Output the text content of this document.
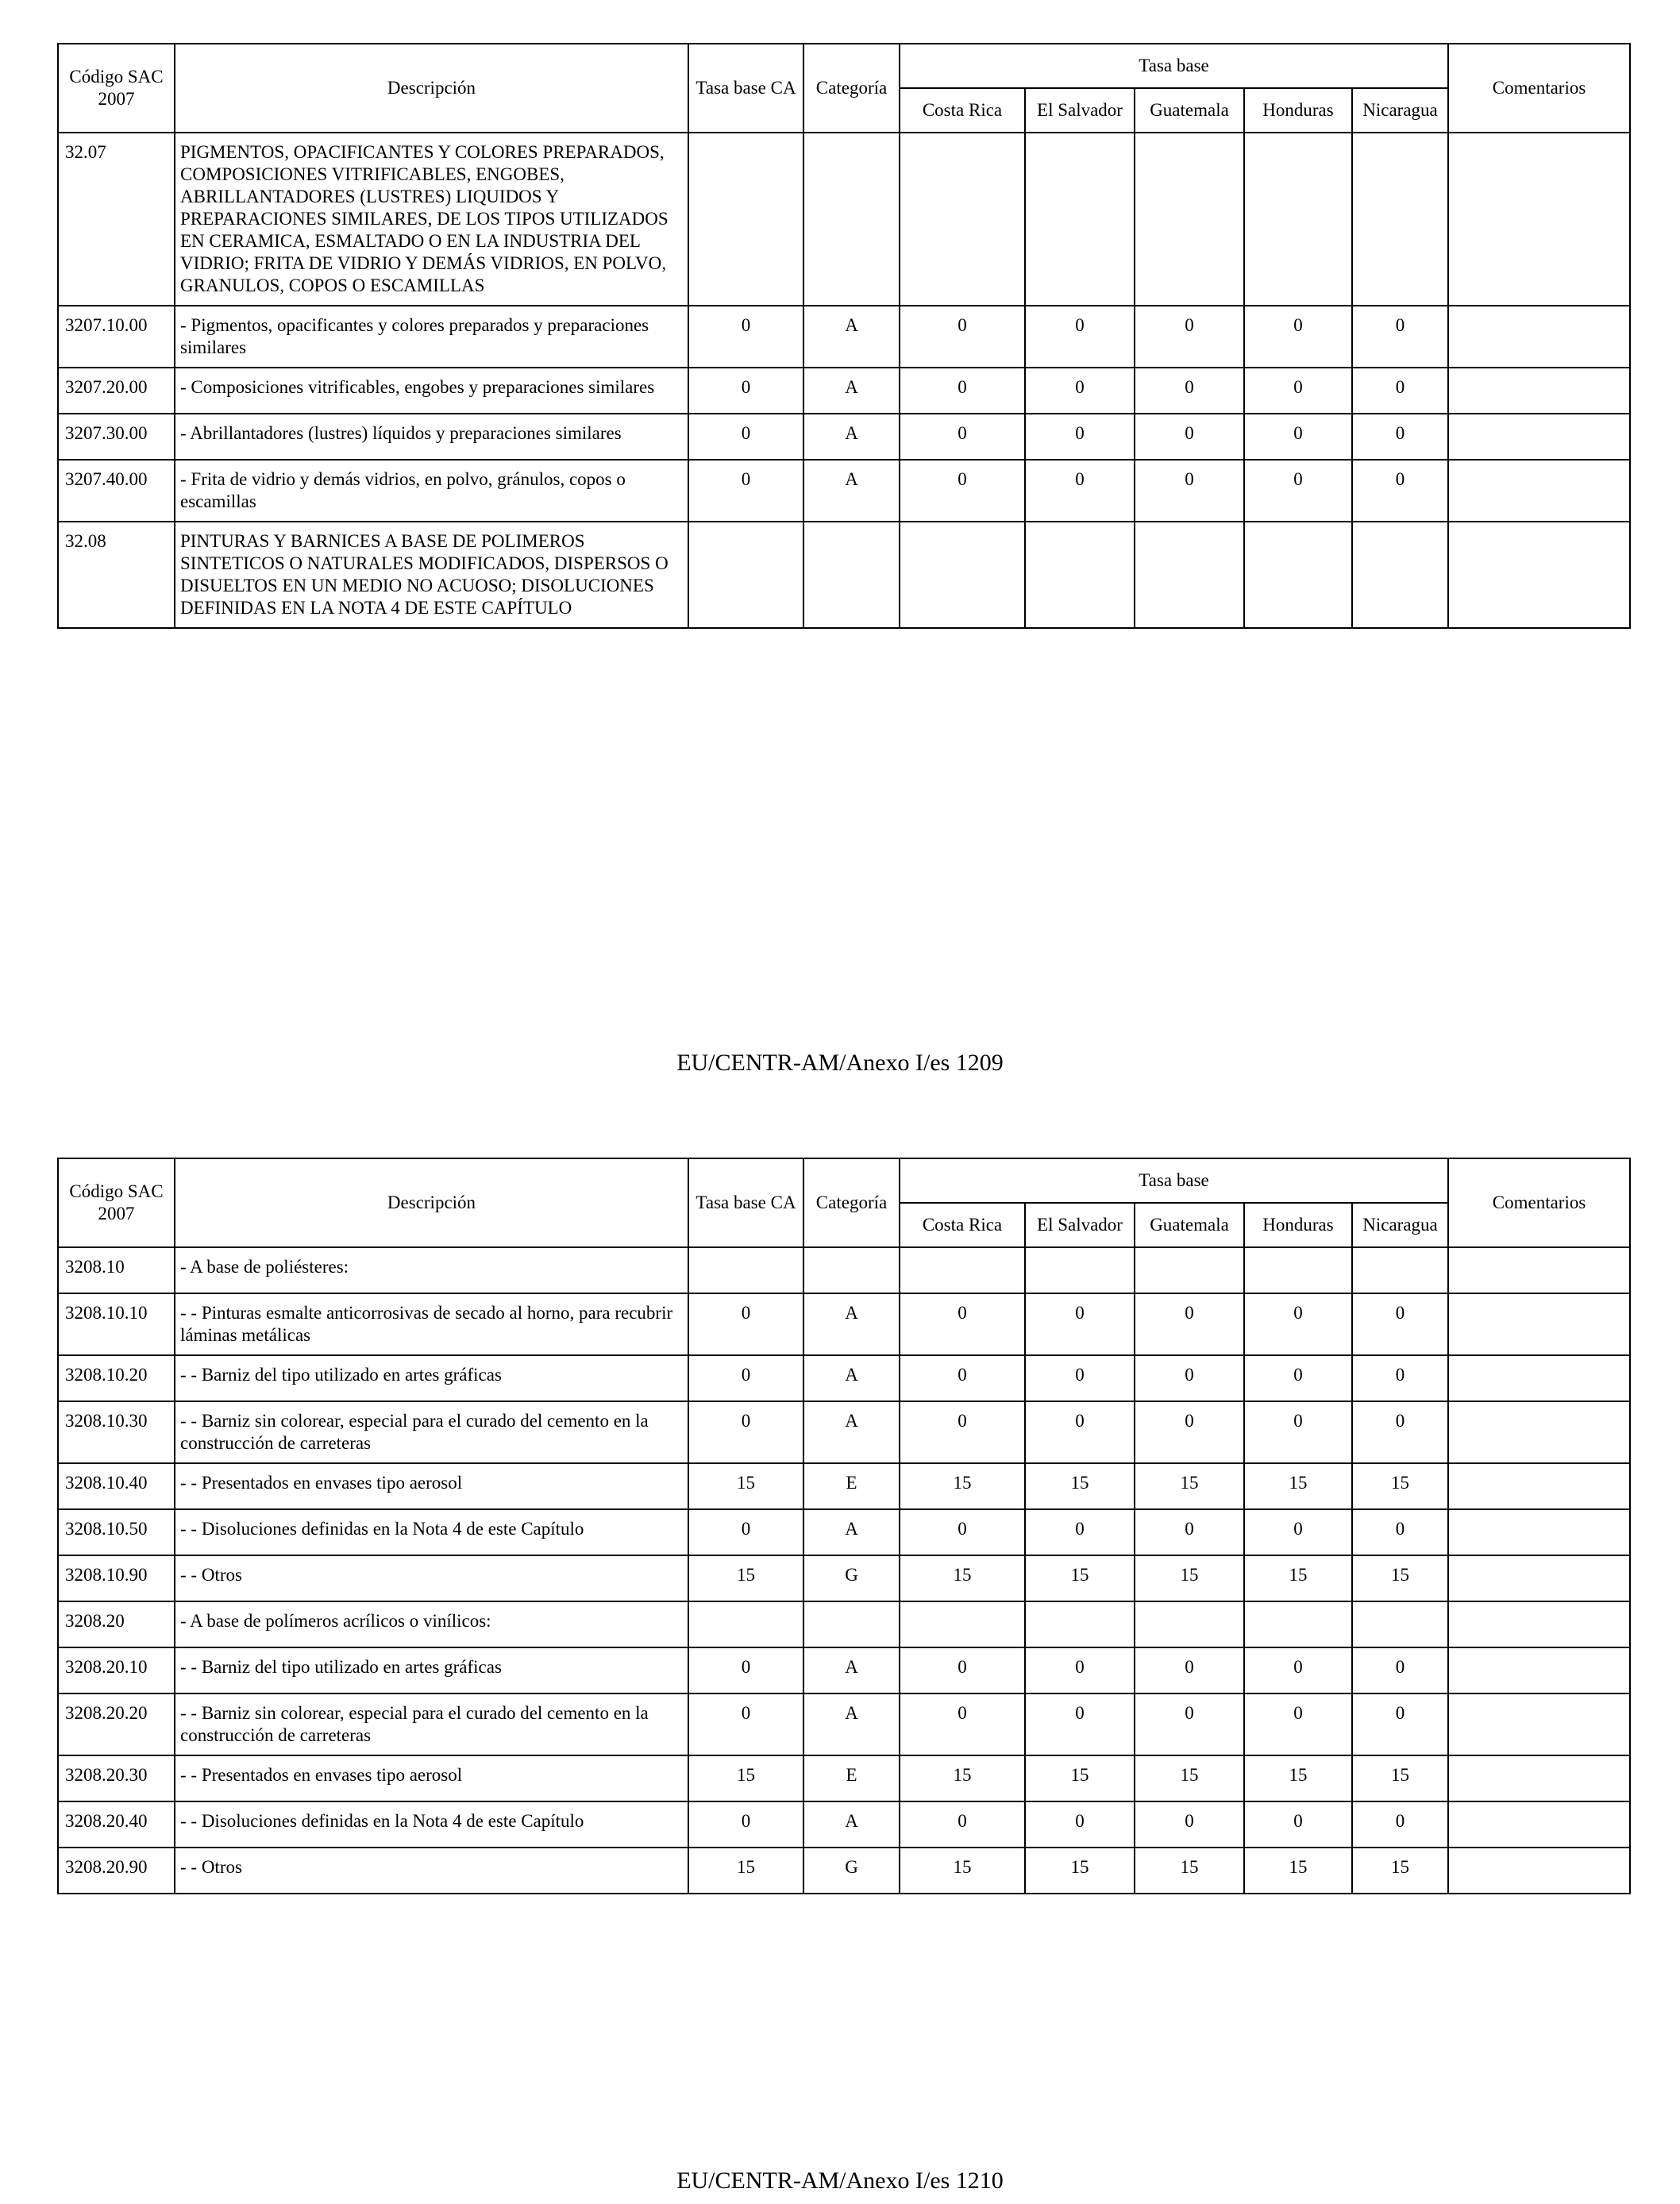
Código SAC 2007	Descripción	Tasa base CA	Categoría	Tasa base					Comentarios
				Costa Rica	El Salvador	Guatemala	Honduras	Nicaragua	
32.07	PIGMENTOS, OPACIFICANTES Y COLORES PREPARADOS, COMPOSICIONES VITRIFICABLES, ENGOBES, ABRILLANTADORES (LUSTRES) LIQUIDOS Y PREPARACIONES SIMILARES, DE LOS TIPOS UTILIZADOS EN CERAMICA, ESMALTADO O EN LA INDUSTRIA DEL VIDRIO; FRITA DE VIDRIO Y DEMÁS VIDRIOS, EN POLVO, GRANULOS, COPOS O ESCAMILLAS								
3207.10.00	- Pigmentos, opacificantes y colores preparados y preparaciones similares	0	A	0	0	0	0	0	
3207.20.00	- Composiciones vitrificables, engobes y preparaciones similares	0	A	0	0	0	0	0	
3207.30.00	- Abrillantadores (lustres) líquidos y preparaciones similares	0	A	0	0	0	0	0	
3207.40.00	- Frita de vidrio y demás vidrios, en polvo, gránulos, copos o escamillas	0	A	0	0	0	0	0	
32.08	PINTURAS Y BARNICES A BASE DE POLIMEROS SINTETICOS O NATURALES MODIFICADOS, DISPERSOS O DISUELTOS EN UN MEDIO NO ACUOSO; DISOLUCIONES DEFINIDAS EN LA NOTA 4 DE ESTE CAPÍTULO								
EU/CENTR-AM/Anexo I/es 1209
Código SAC 2007	Descripción	Tasa base CA	Categoría	Tasa base					Comentarios
				Costa Rica	El Salvador	Guatemala	Honduras	Nicaragua	
3208.10	- A base de poliésteres:								
3208.10.10	- - Pinturas esmalte anticorrosivas de secado al horno, para recubrir láminas metálicas	0	A	0	0	0	0	0	
3208.10.20	- - Barniz del tipo utilizado en artes gráficas	0	A	0	0	0	0	0	
3208.10.30	- - Barniz sin colorear, especial para el curado del cemento en la construcción de carreteras	0	A	0	0	0	0	0	
3208.10.40	- - Presentados en envases tipo aerosol	15	E	15	15	15	15	15	
3208.10.50	- - Disoluciones definidas en la Nota 4 de este Capítulo	0	A	0	0	0	0	0	
3208.10.90	- - Otros	15	G	15	15	15	15	15	
3208.20	- A base de polímeros acrílicos o vinílicos:								
3208.20.10	- - Barniz del tipo utilizado en artes gráficas	0	A	0	0	0	0	0	
3208.20.20	- - Barniz sin colorear, especial para el curado del cemento en la construcción de carreteras	0	A	0	0	0	0	0	
3208.20.30	- - Presentados en envases tipo aerosol	15	E	15	15	15	15	15	
3208.20.40	- - Disoluciones definidas en la Nota 4 de este Capítulo	0	A	0	0	0	0	0	
3208.20.90	- - Otros	15	G	15	15	15	15	15	
EU/CENTR-AM/Anexo I/es 1210
